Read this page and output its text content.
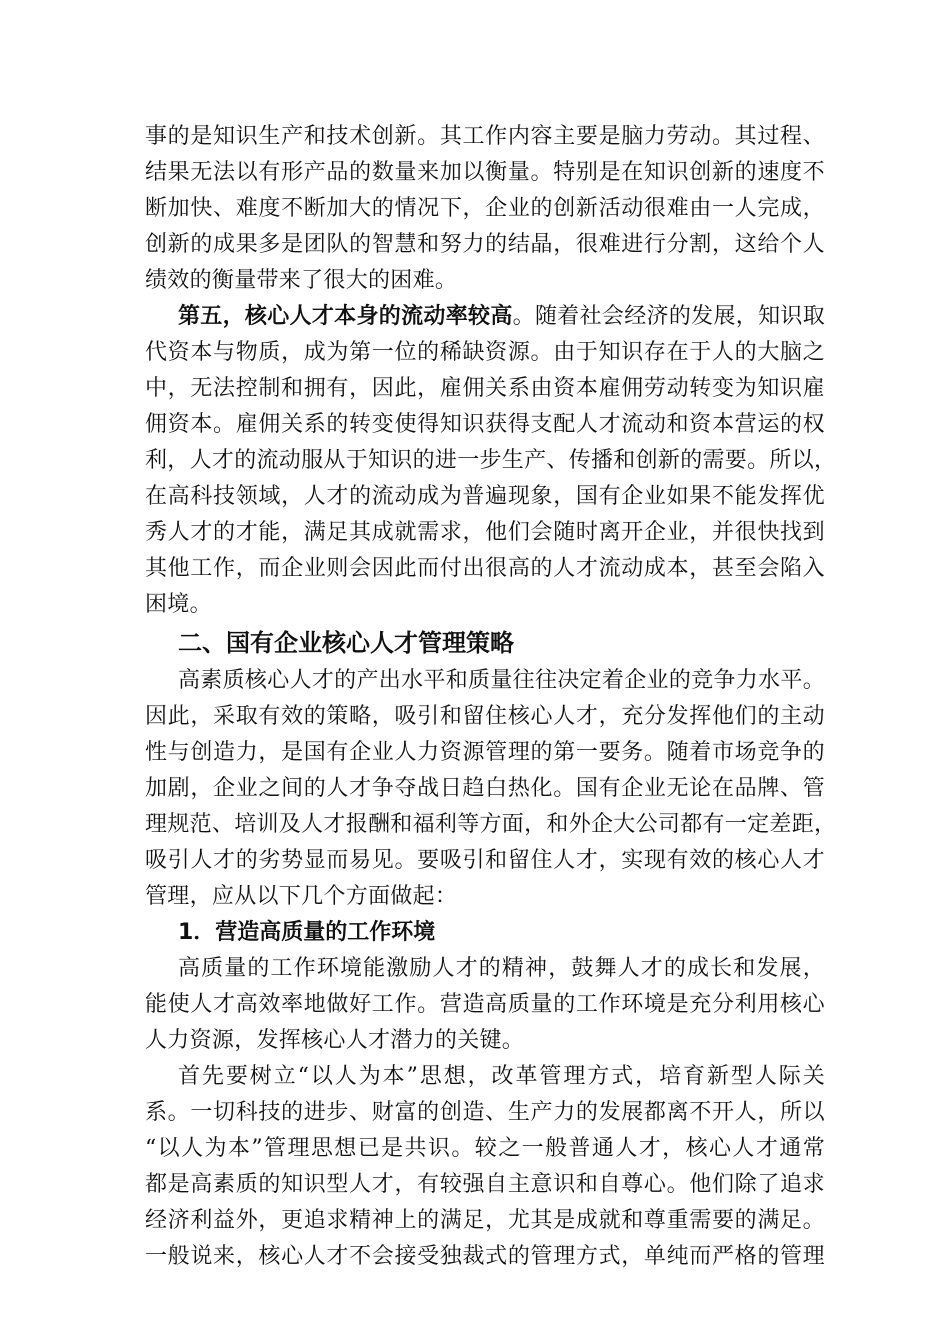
事的是知识生产和技术创新。其工作内容主要是脑力劳动。其过程、
结果无法以有形产品的数量来加以衡量。特别是在知识创新的速度不
断加快、难度不断加大的情况下，企业的创新活动很难由一人完成，
创新的成果多是团队的智慧和努力的结晶，很难进行分割，这给个人
绩效的衡量带来了很大的困难。
第五，核心人才本身的流动率较高。随着社会经济的发展，知识取
代资本与物质，成为第一位的稀缺资源。由于知识存在于人的大脑之
中，无法控制和拥有，因此，雇佣关系由资本雇佣劳动转变为知识雇
佣资本。雇佣关系的转变使得知识获得支配人才流动和资本营运的权
利，人才的流动服从于知识的进一步生产、传播和创新的需要。所以，
在高科技领域，人才的流动成为普遍现象，国有企业如果不能发挥优
秀人才的才能，满足其成就需求，他们会随时离开企业，并很快找到
其他工作，而企业则会因此而付出很高的人才流动成本，甚至会陷入
困境。
二、国有企业核心人才管理策略
高素质核心人才的产出水平和质量往往决定着企业的竞争力水平。
因此，采取有效的策略，吸引和留住核心人才，充分发挥他们的主动
性与创造力，是国有企业人力资源管理的第一要务。随着市场竞争的
加剧，企业之间的人才争夺战日趋白热化。国有企业无论在品牌、管
理规范、培训及人才报酬和福利等方面，和外企大公司都有一定差距，
吸引人才的劣势显而易见。要吸引和留住人才，实现有效的核心人才
管理，应从以下几个方面做起：
1．营造高质量的工作环境
高质量的工作环境能激励人才的精神，鼓舞人才的成长和发展，
能使人才高效率地做好工作。营造高质量的工作环境是充分利用核心
人力资源，发挥核心人才潜力的关键。
首先要树立“以人为本”思想，改革管理方式，培育新型人际关
系。一切科技的进步、财富的创造、生产力的发展都离不开人，所以
“以人为本”管理思想已是共识。较之一般普通人才，核心人才通常
都是高素质的知识型人才，有较强自主意识和自尊心。他们除了追求
经济利益外，更追求精神上的满足，尤其是成就和尊重需要的满足。
一般说来，核心人才不会接受独裁式的管理方式，单纯而严格的管理
